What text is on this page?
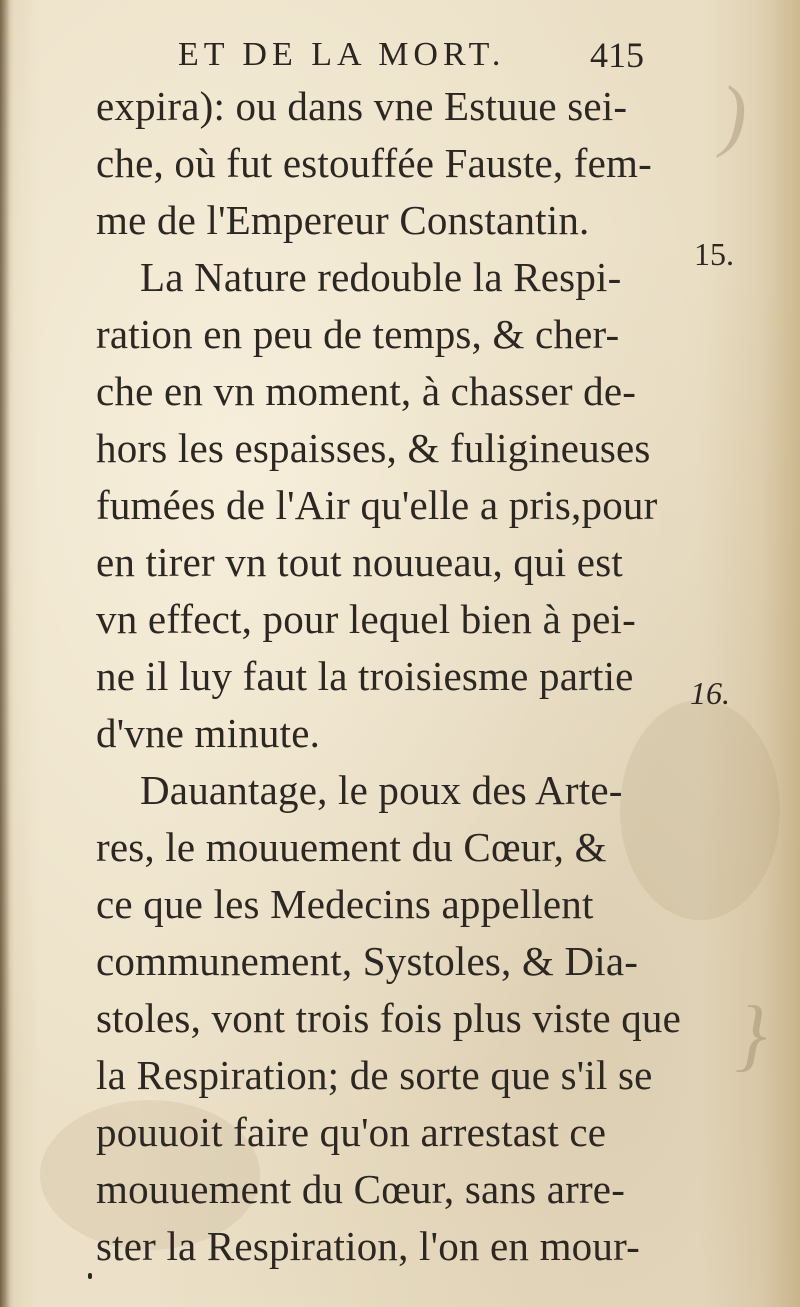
)
}
ET DE LA MORT. 415
expira): ou dans vne Estuue sei-
che, où fut estouffée Fauste, fem-
me de l'Empereur Constantin.
La Nature redouble la Respi-
ration en peu de temps, & cher-
che en vn moment, à chasser de-
hors les espaisses, & fuligineuses
fumées de l'Air qu'elle a pris,pour
en tirer vn tout nouueau, qui est
vn effect, pour lequel bien à pei-
ne il luy faut la troisiesme partie
d'vne minute.
Dauantage, le poux des Arte-
res, le mouuement du Cœur, &
ce que les Medecins appellent
communement, Systoles, & Dia-
stoles, vont trois fois plus viste que
la Respiration; de sorte que s'il se
pouuoit faire qu'on arrestast ce
mouuement du Cœur, sans arre-
ster la Respiration, l'on en mour-
15.
16.
